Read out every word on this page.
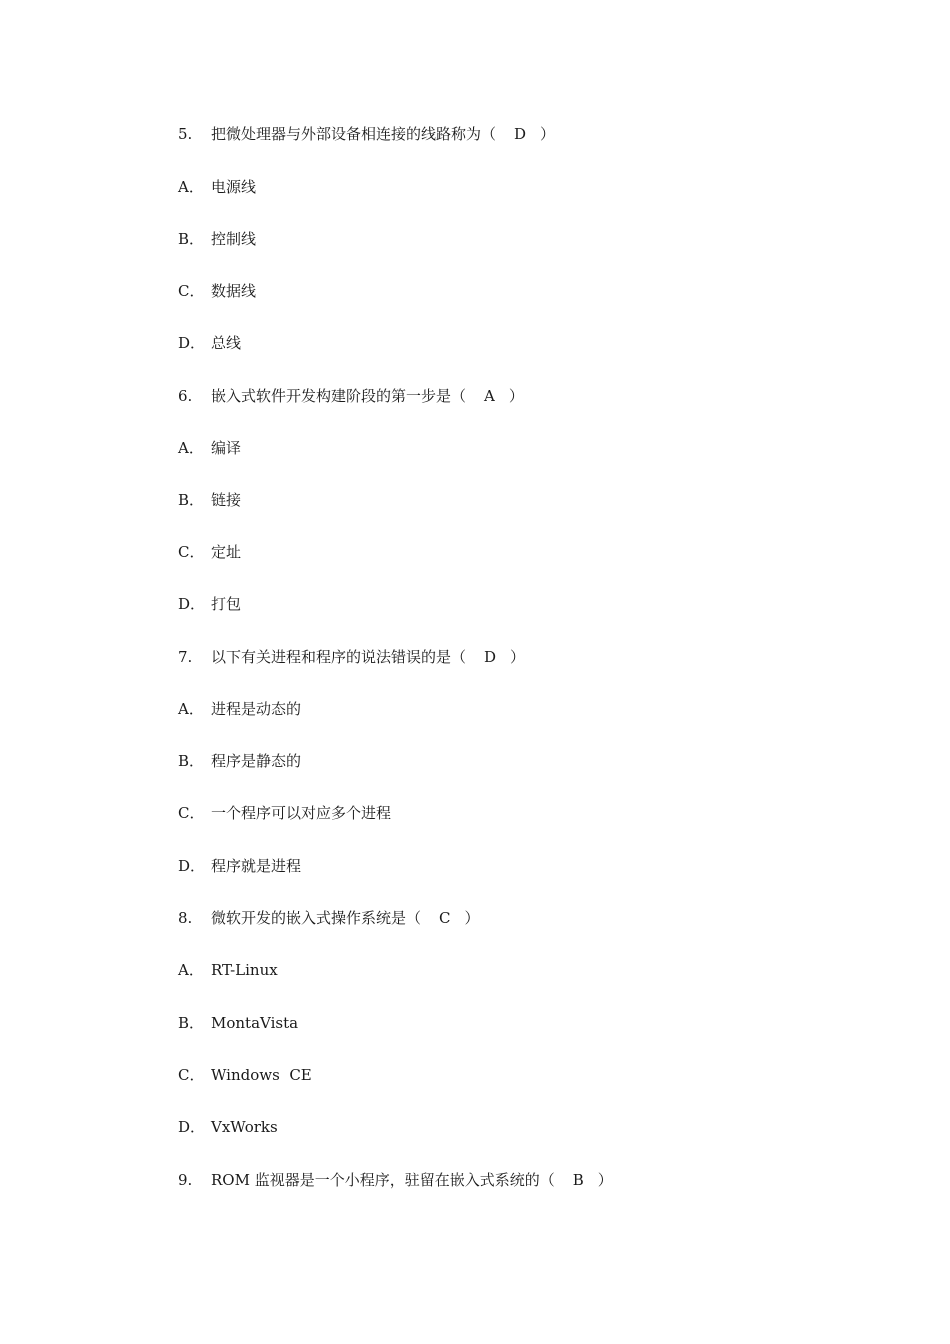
5.	把微处理器与外部设备相连接的线路称为（ D ）
A． 电源线
B． 控制线
C． 数据线
D． 总线
6.	嵌入式软件开发构建阶段的第一步是（ A ）
A． 编译
B． 链接
C． 定址
D． 打包
7.	以下有关进程和程序的说法错误的是（ D ）
A． 进程是动态的
B． 程序是静态的
C． 一个程序可以对应多个进程
D． 程序就是进程
8.	微软开发的嵌入式操作系统是（ C ）
A． RT-Linux
B． MontaVista
C． Windows  CE
D． VxWorks
9.	ROM 监视器是一个小程序，驻留在嵌入式系统的（ B ）
